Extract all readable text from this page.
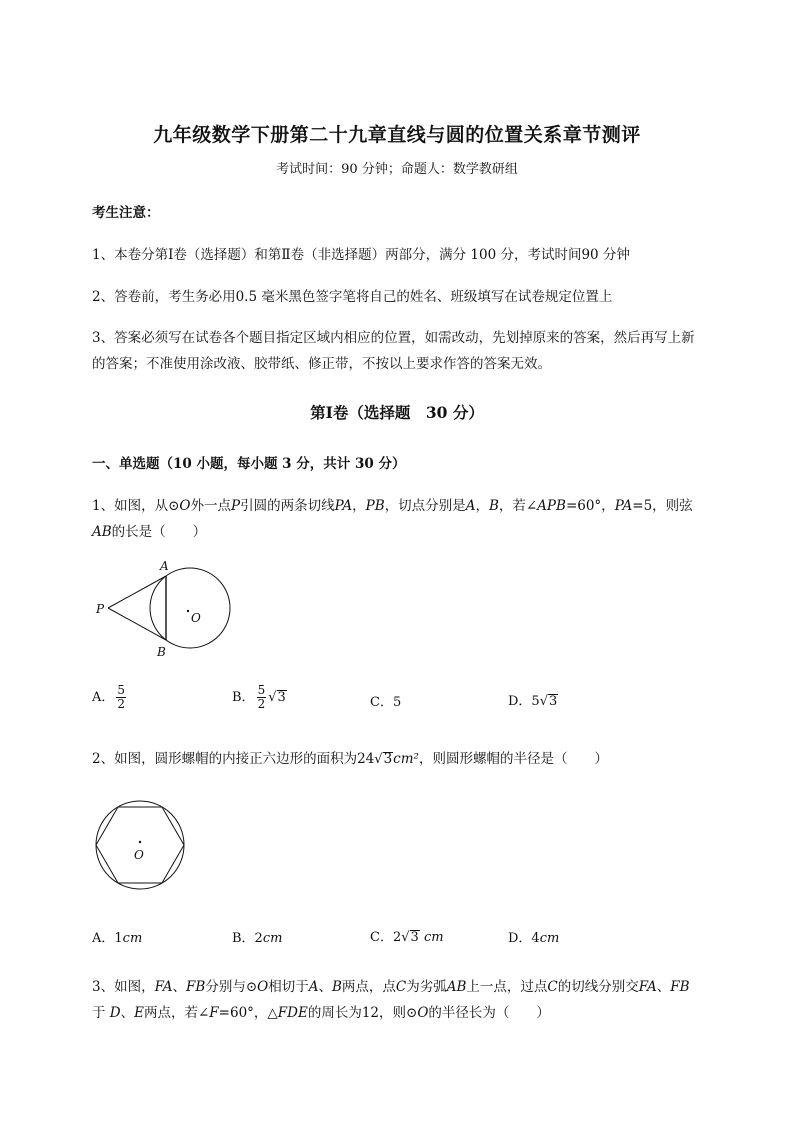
九年级数学下册第二十九章直线与圆的位置关系章节测评
考试时间：90 分钟；命题人：数学教研组
考生注意：
1、本卷分第Ⅰ卷（选择题）和第Ⅱ卷（非选择题）两部分，满分 100 分，考试时间90 分钟
2、答卷前，考生务必用0.5 毫米黑色签字笔将自己的姓名、班级填写在试卷规定位置上
3、答案必须写在试卷各个题目指定区域内相应的位置，如需改动，先划掉原来的答案，然后再写上新
的答案；不准使用涂改液、胶带纸、修正带，不按以上要求作答的答案无效。
第Ⅰ卷（选择题　30 分）
一、单选题（10 小题，每小题 3 分，共计 30 分）
1、如图，从⊙O外一点P引圆的两条切线PA，PB，切点分别是A，B，若∠APB=60°，PA=5，则弦
AB的长是（　　）
A
B
P
O
A． $\frac{5}{2}$	B． $\frac{5}{2} √3$	C．5	D．5√3
2、如图，圆形螺帽的内接正六边形的面积为24√3cm²，则圆形螺帽的半径是（　　）
O
A．1cm	B．2cm	C．2√3 cm	D．4cm
3、如图，FA、FB分别与⊙O相切于A、B两点，点C为劣弧AB上一点，过点C的切线分别交FA、FB
于 D、E两点，若∠F=60°，△FDE的周长为12，则⊙O的半径长为（　　）
